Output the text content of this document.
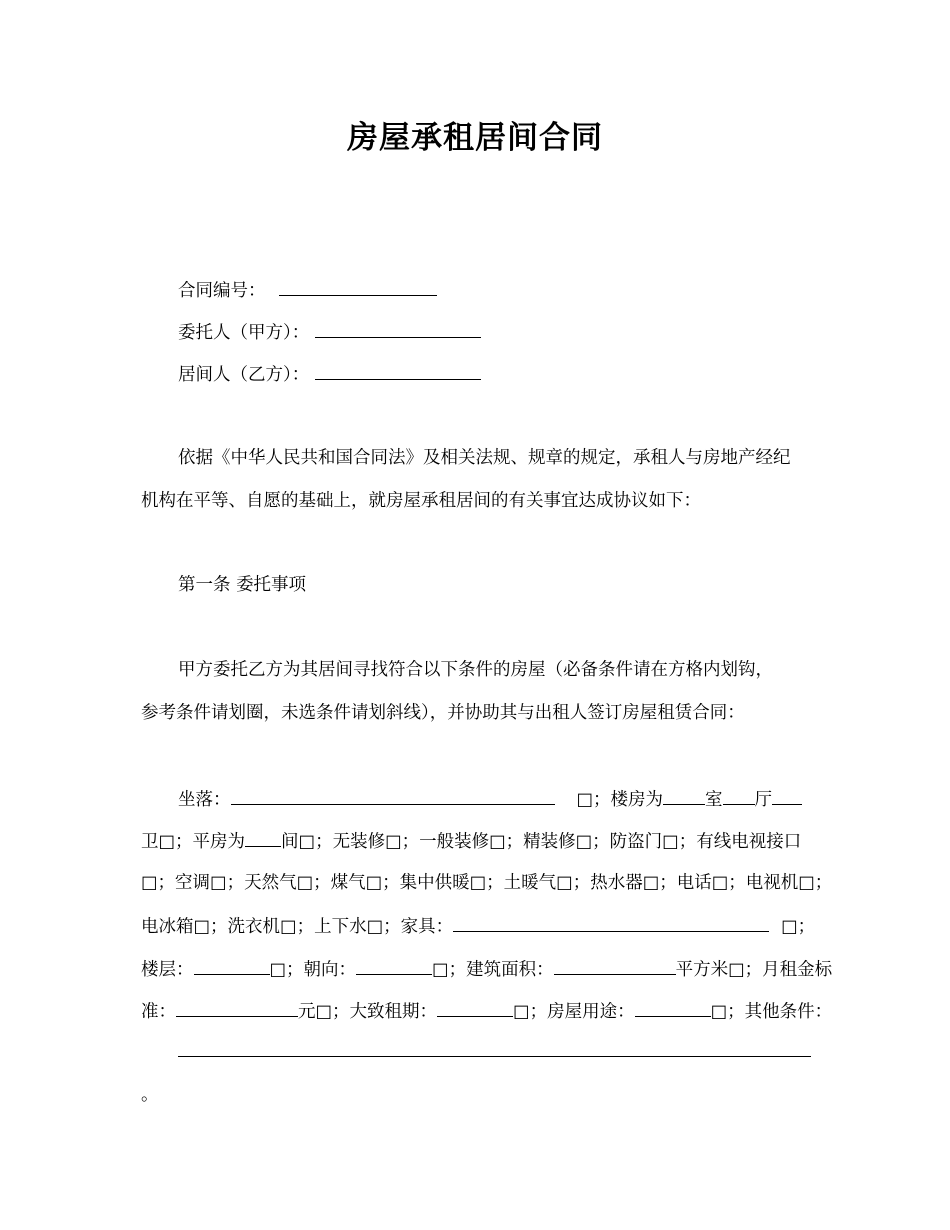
房屋承租居间合同
合同编号：
委托人（甲方）：
居间人（乙方）：
依据《中华人民共和国合同法》及相关法规、规章的规定，承租人与房地产经纪
机构在平等、自愿的基础上，就房屋承租居间的有关事宜达成协议如下：
第一条 委托事项
甲方委托乙方为其居间寻找符合以下条件的房屋（必备条件请在方格内划钩，
参考条件请划圈，未选条件请划斜线），并协助其与出租人签订房屋租赁合同：
坐落：	□；楼房为 室 厅
卫□；平房为 间□；无装修□；一般装修□；精装修□；防盗门□；有线电视接口
□；空调□；天然气□；煤气□；集中供暖□；土暖气□；热水器□；电话□；电视机□；
电冰箱□；洗衣机□；上下水□；家具：	□；
楼层：	□；朝向：	□；建筑面积：	平方米□；月租金标
准：	元□；大致租期：	□；房屋用途：	□；其他条件：
。
